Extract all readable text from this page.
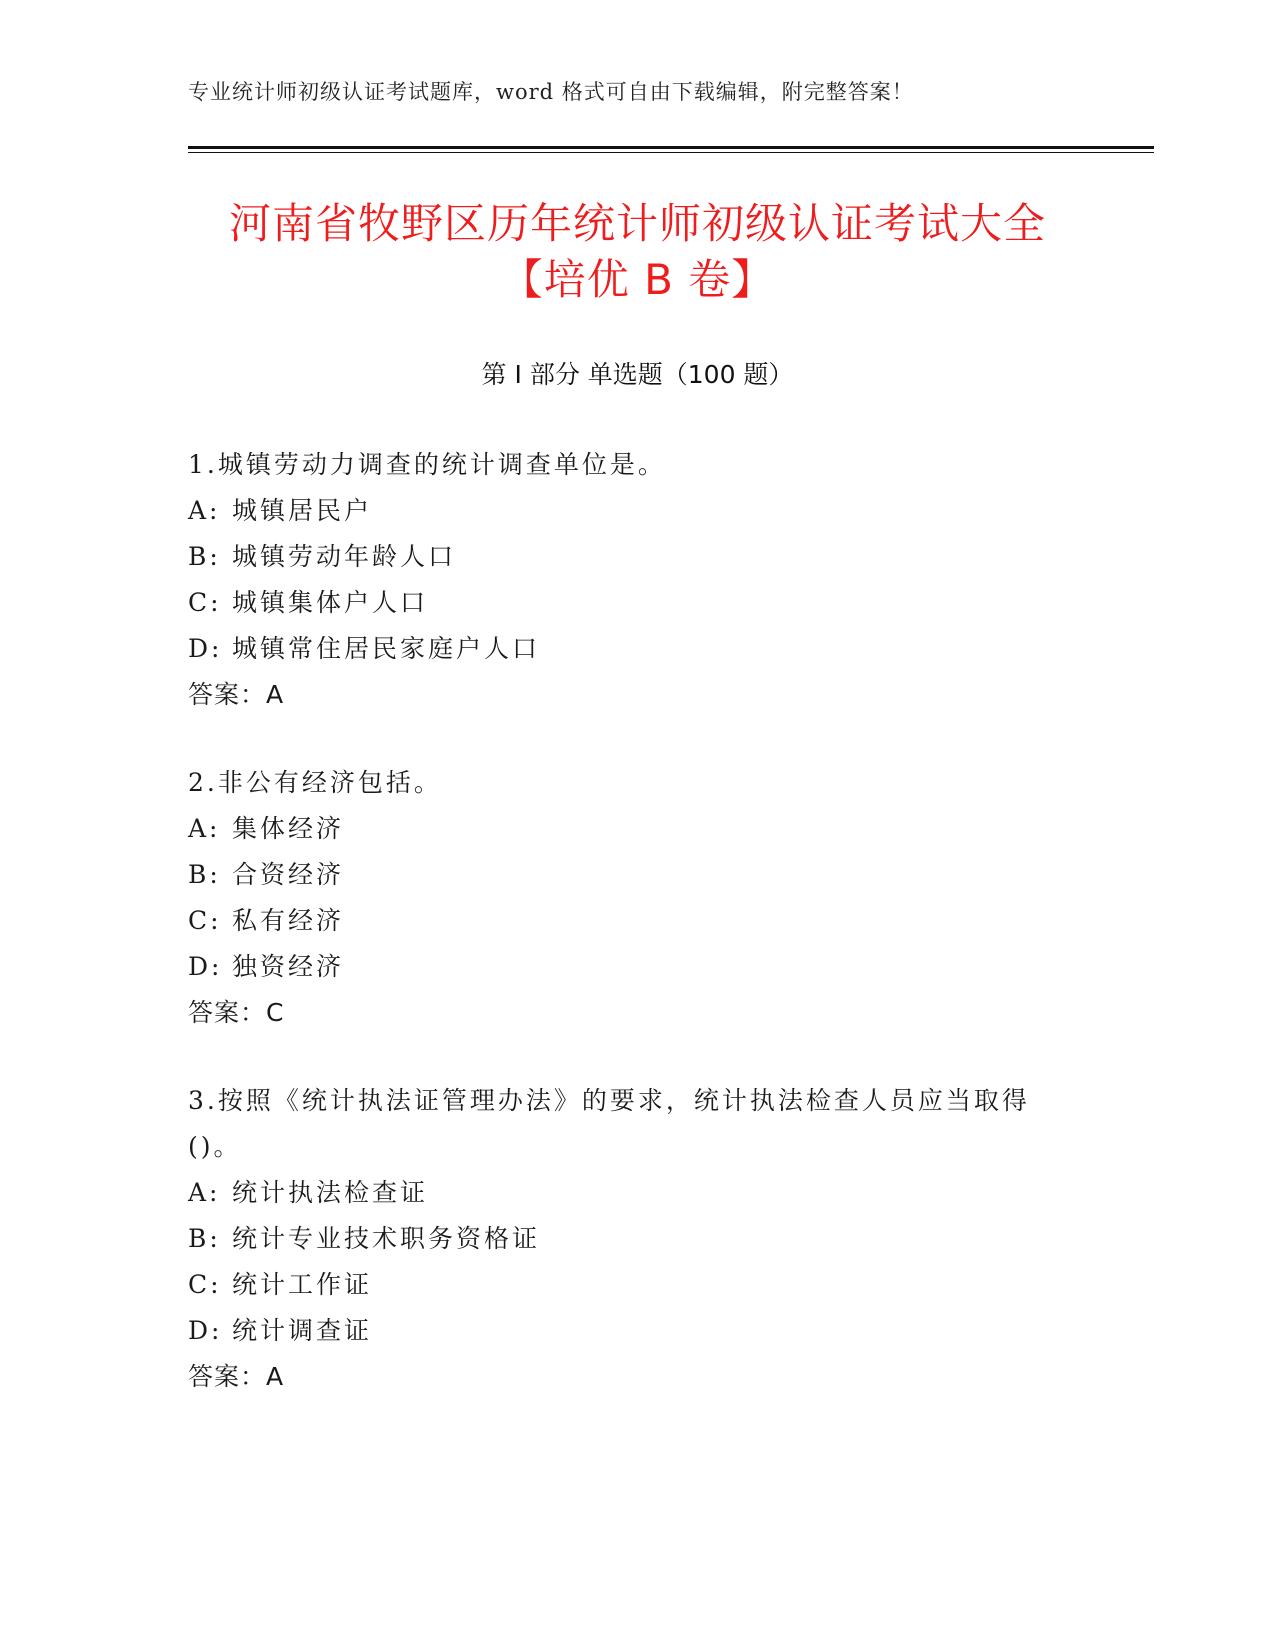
专业统计师初级认证考试题库，word 格式可自由下载编辑，附完整答案！
河南省牧野区历年统计师初级认证考试大全
【培优 B 卷】
第 I 部分 单选题（100 题）
1.城镇劳动力调查的统计调查单位是。
A: 城镇居民户
B: 城镇劳动年龄人口
C: 城镇集体户人口
D: 城镇常住居民家庭户人口
答案：A
2.非公有经济包括。
A: 集体经济
B: 合资经济
C: 私有经济
D: 独资经济
答案：C
3.按照《统计执法证管理办法》的要求，统计执法检查人员应当取得()。
A: 统计执法检查证
B: 统计专业技术职务资格证
C: 统计工作证
D: 统计调查证
答案：A
